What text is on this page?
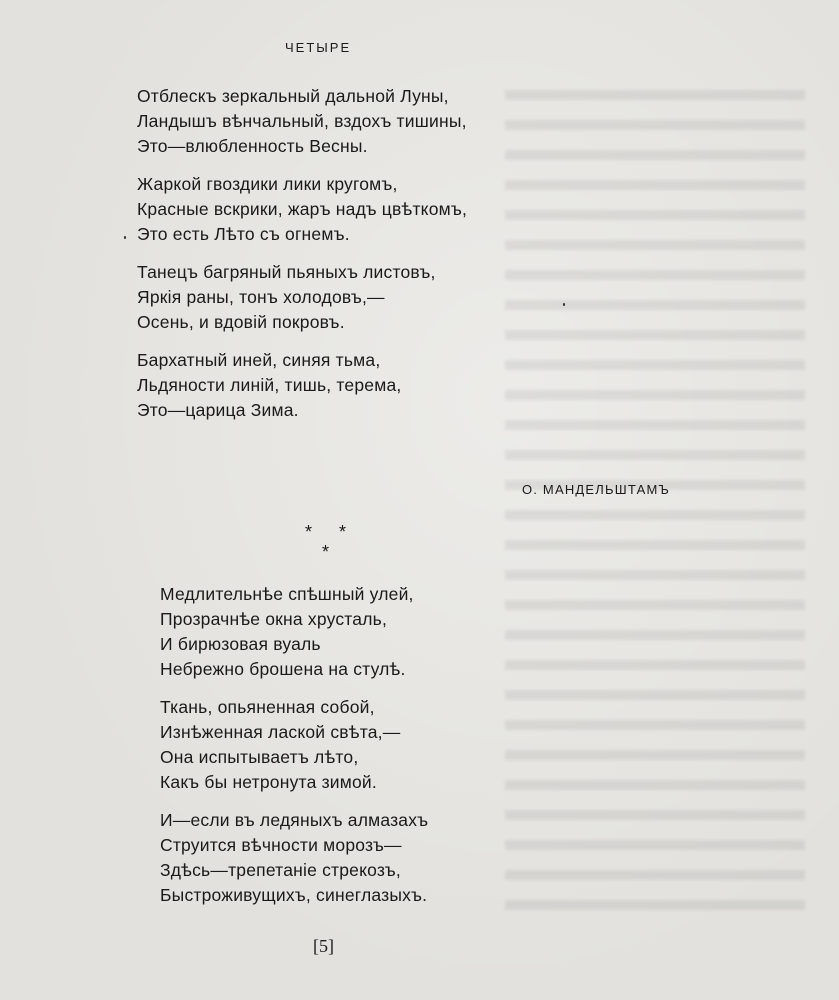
ЧЕТЫРЕ
Отблескъ зеркальный дальной Луны,
Ландышъ вѣнчальный, вздохъ тишины,
Это—влюбленность Весны.
Жаркой гвоздики лики кругомъ,
Красные вскрики, жаръ надъ цвѣткомъ,
Это есть Лѣто съ огнемъ.
Танецъ багряный пьяныхъ листовъ,
Яркiя раны, тонъ холодовъ,—
Осень, и вдовiй покровъ.
Бархатный иней, синяя тьма,
Льдяности линiй, тишь, терема,
Это—царица Зима.
О. МАНДЕЛЬШТАМЪ
* *
*
Медлительнѣе спѣшный улей,
Прозрачнѣе окна хрусталь,
И бирюзовая вуаль
Небрежно брошена на стулѣ.
Ткань, опьяненная собой,
Изнѣженная лаской свѣта,—
Она испытываетъ лѣто,
Какъ бы нетронута зимой.
И—если въ ледяныхъ алмазахъ
Струится вѣчности морозъ—
Здѣсь—трепетанiе стрекозъ,
Быстроживущихъ, синеглазыхъ.
[5]
